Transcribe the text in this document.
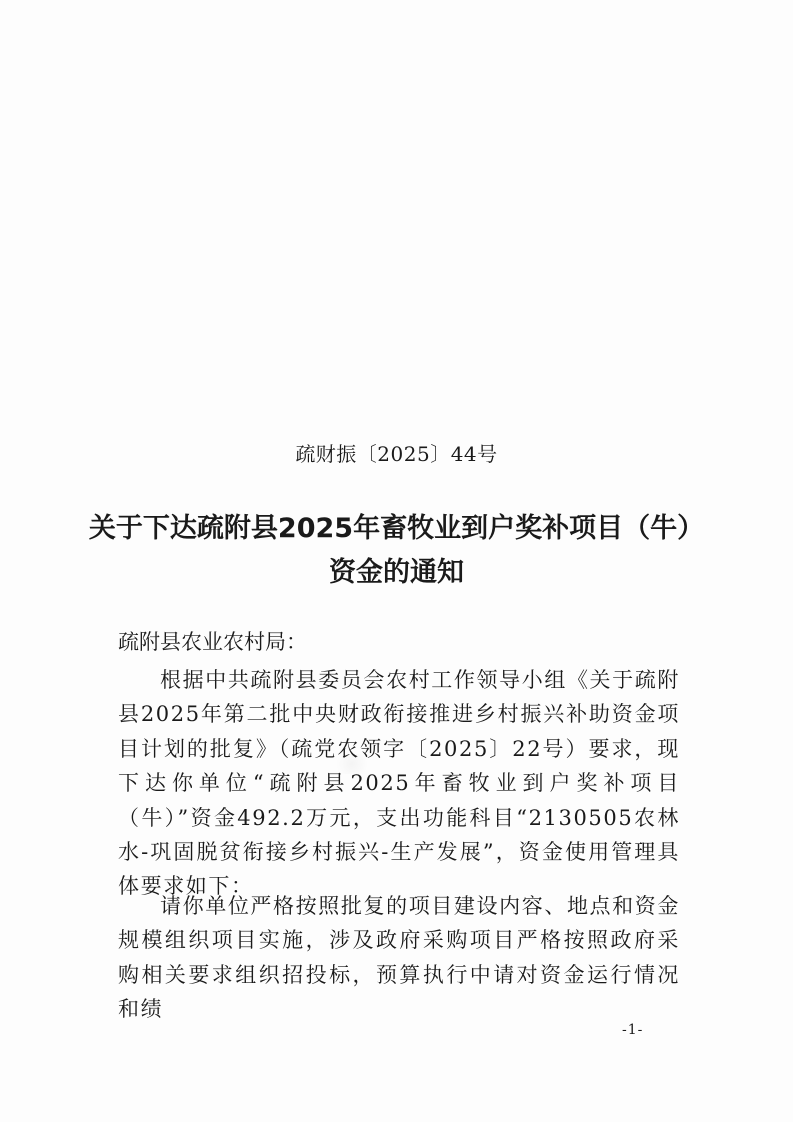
疏财振〔2025〕44号
关于下达疏附县2025年畜牧业到户奖补项目（牛）
资金的通知
疏附县农业农村局：
根据中共疏附县委员会农村工作领导小组《关于疏附县2025年第二批中央财政衔接推进乡村振兴补助资金项目计划的批复》（疏党农领字〔2025〕22号）要求，现下达你单位“疏附县2025年畜牧业到户奖补项目（牛）”资金492.2万元，支出功能科目“2130505农林水-巩固脱贫衔接乡村振兴-生产发展”，资金使用管理具体要求如下：
请你单位严格按照批复的项目建设内容、地点和资金规模组织项目实施，涉及政府采购项目严格按照政府采购相关要求组织招投标，预算执行中请对资金运行情况和绩
-1-
